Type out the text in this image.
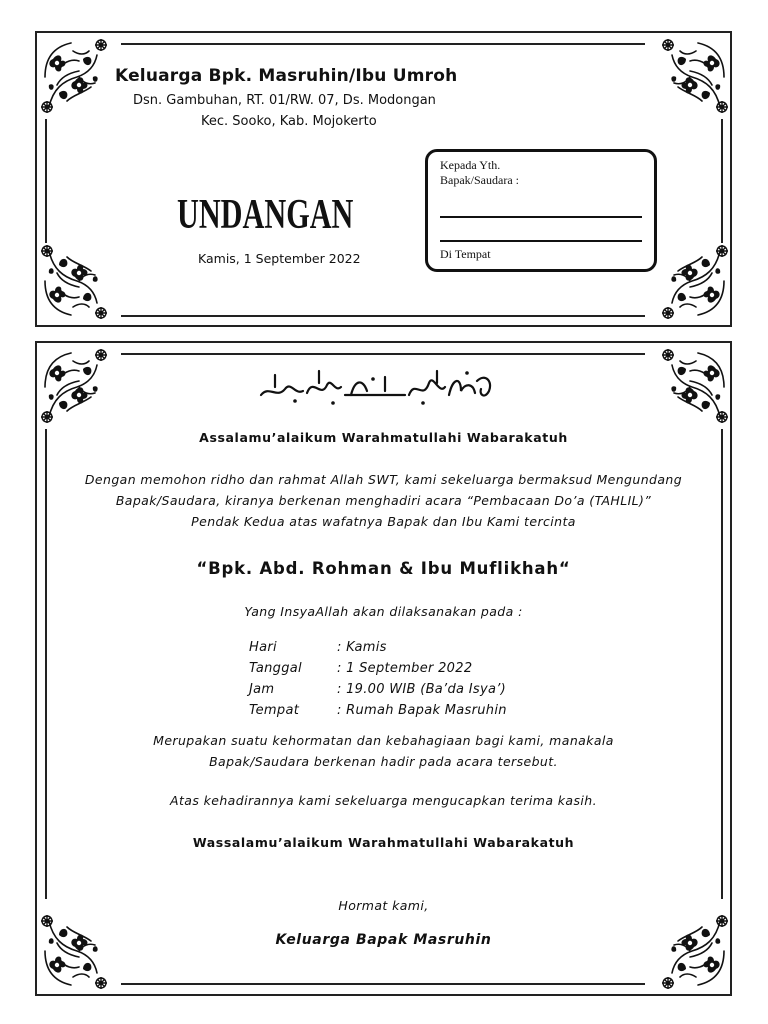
Keluarga Bpk. Masruhin/Ibu Umroh
Dsn. Gambuhan, RT. 01/RW. 07, Ds. Modongan
Kec. Sooko, Kab. Mojokerto
UNDANGAN
Kamis, 1 September 2022
Kepada Yth.
Bapak/Saudara :
Di Tempat
Assalamu’alaikum Warahmatullahi Wabarakatuh
Dengan memohon ridho dan rahmat Allah SWT, kami sekeluarga bermaksud Mengundang
Bapak/Saudara, kiranya berkenan menghadiri acara “Pembacaan Do’a (TAHLIL)”
Pendak Kedua atas wafatnya Bapak dan Ibu Kami tercinta
“Bpk. Abd. Rohman & Ibu Muflikhah“
Yang InsyaAllah akan dilaksanakan pada :
Hari	: Kamis
Tanggal	: 1 September 2022
Jam	: 19.00 WIB (Ba’da Isya’)
Tempat	: Rumah Bapak Masruhin
Merupakan suatu kehormatan dan kebahagiaan bagi kami, manakala
Bapak/Saudara berkenan hadir pada acara tersebut.
Atas kehadirannya kami sekeluarga mengucapkan terima kasih.
Wassalamu’alaikum Warahmatullahi Wabarakatuh
Hormat kami,
Keluarga Bapak Masruhin
